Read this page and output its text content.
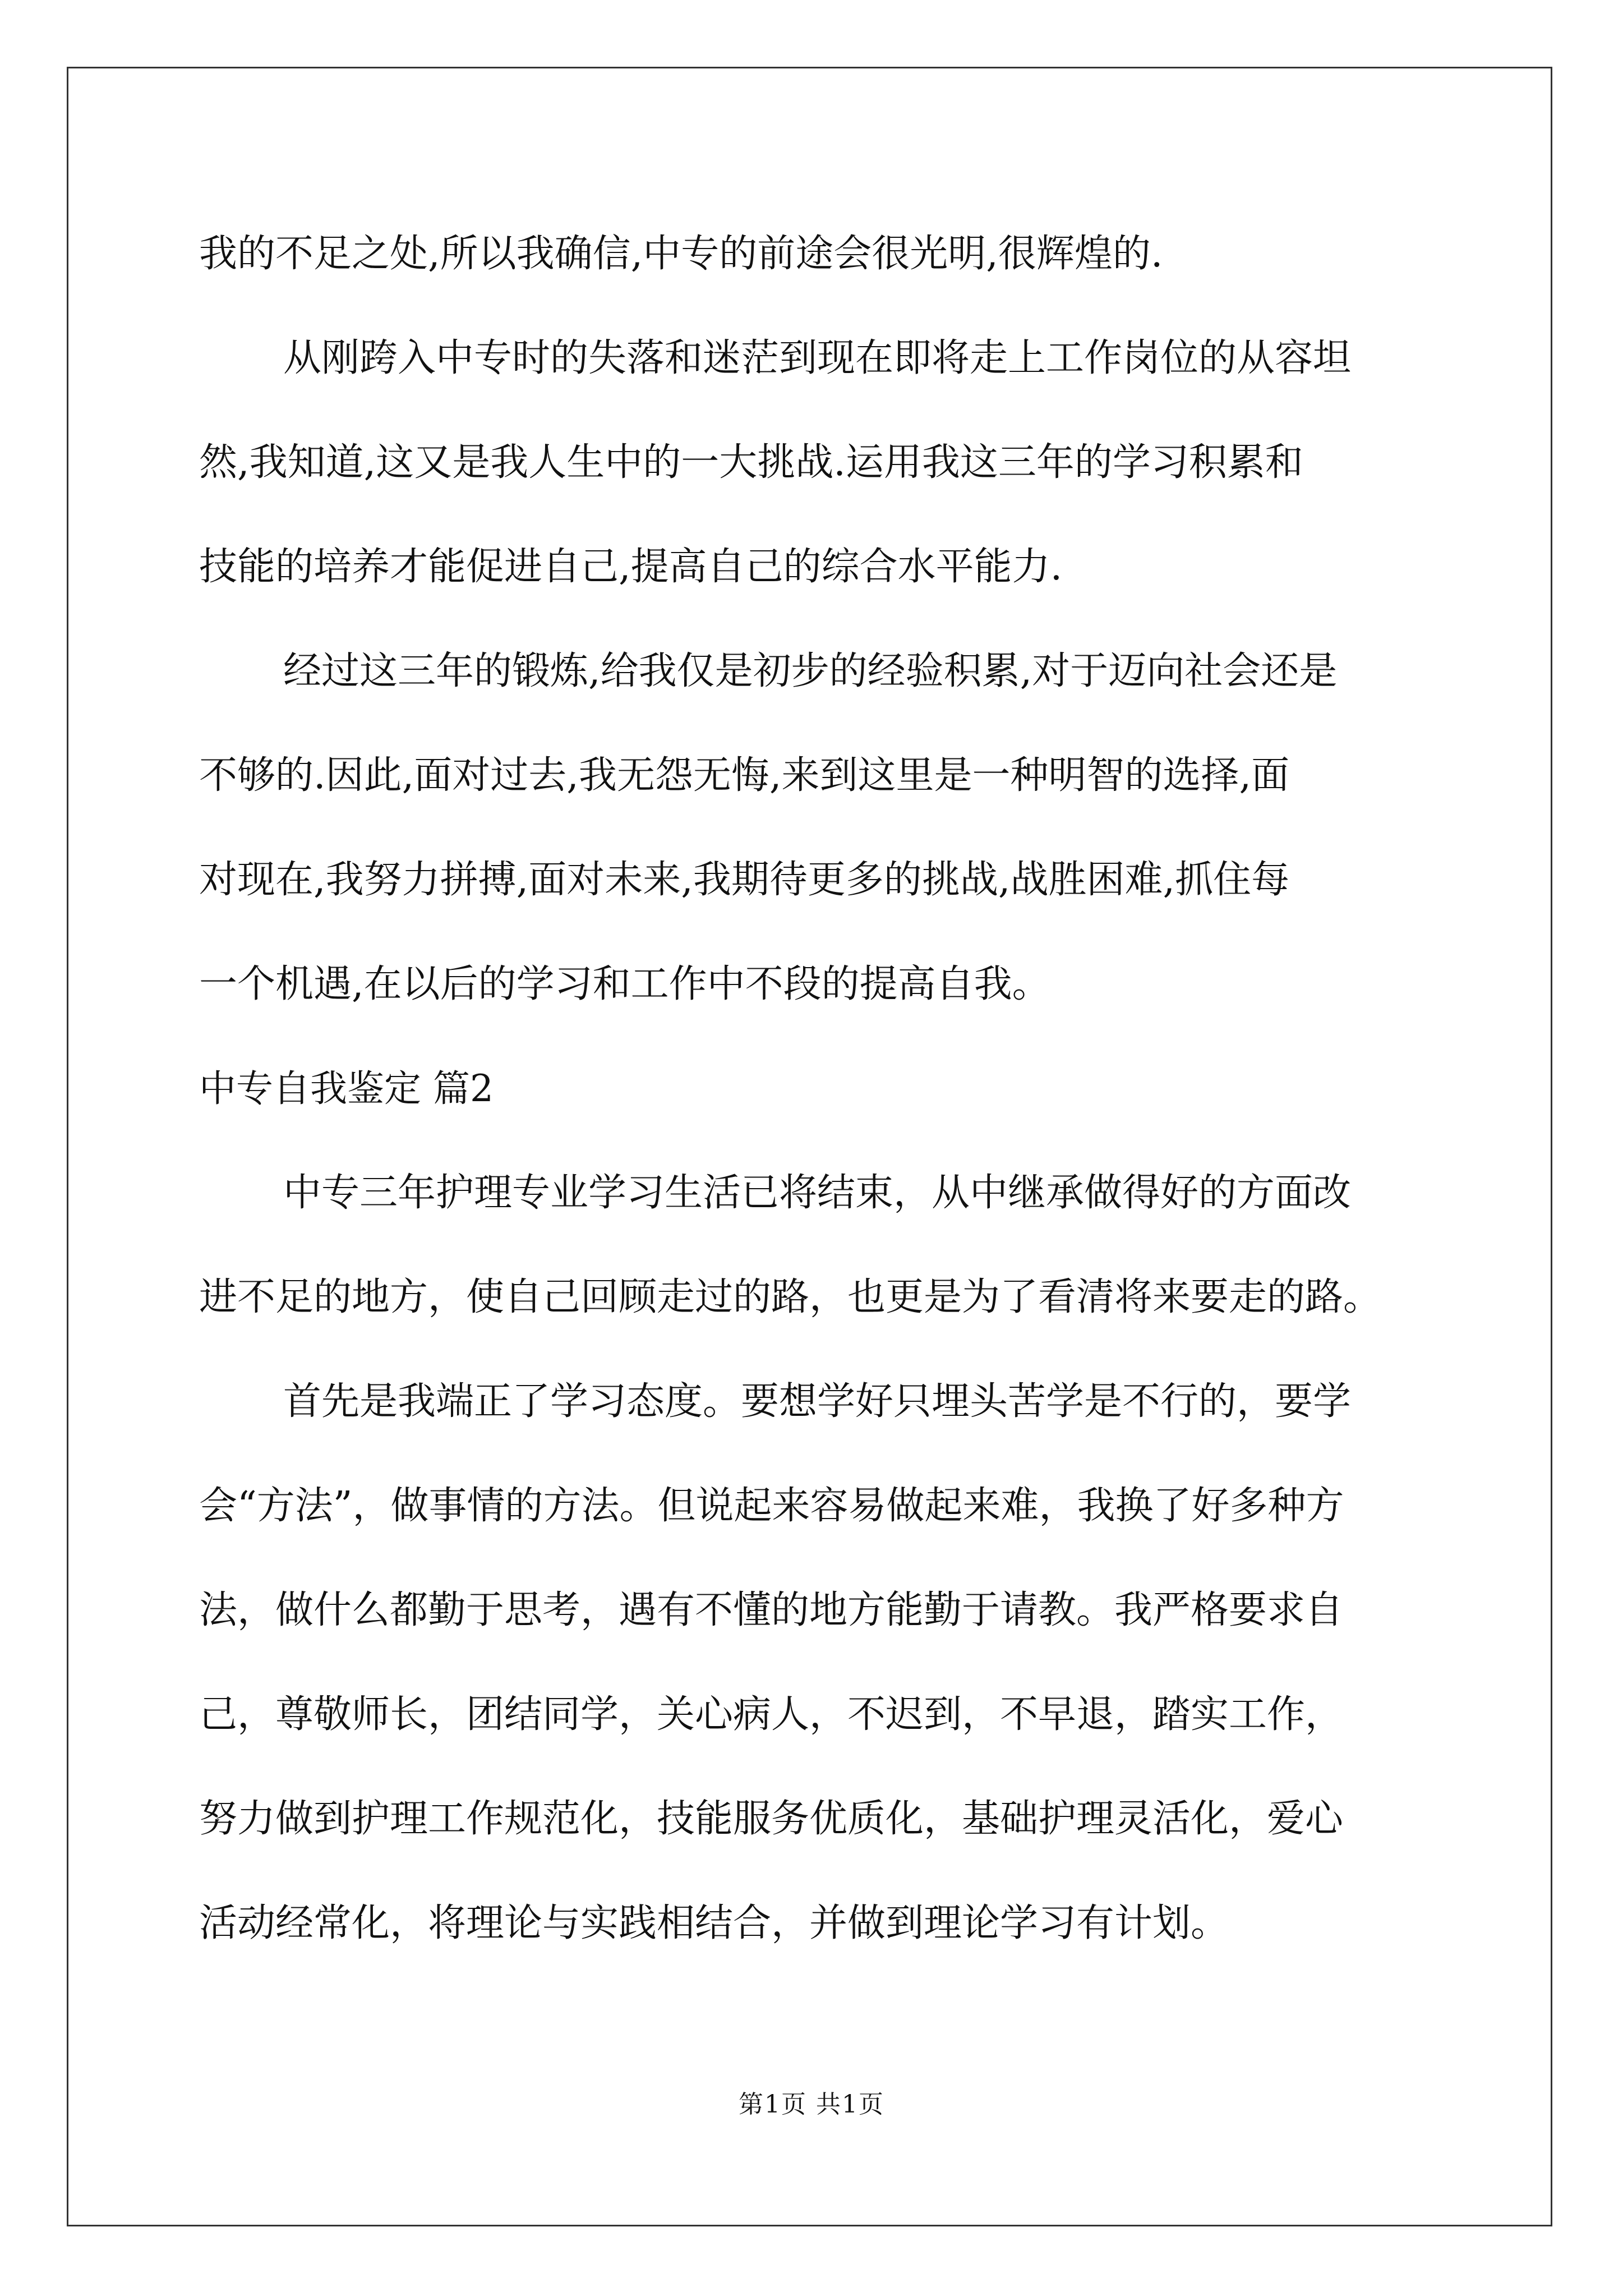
我的不足之处,所以我确信,中专的前途会很光明,很辉煌的.
从刚跨入中专时的失落和迷茫到现在即将走上工作岗位的从容坦
然,我知道,这又是我人生中的一大挑战.运用我这三年的学习积累和
技能的培养才能促进自己,提高自己的综合水平能力.
经过这三年的锻炼,给我仅是初步的经验积累,对于迈向社会还是
不够的.因此,面对过去,我无怨无悔,来到这里是一种明智的选择,面
对现在,我努力拼搏,面对未来,我期待更多的挑战,战胜困难,抓住每
一个机遇,在以后的学习和工作中不段的提高自我。
中专自我鉴定 篇2
中专三年护理专业学习生活已将结束，从中继承做得好的方面改
进不足的地方，使自己回顾走过的路，也更是为了看清将来要走的路。
首先是我端正了学习态度。要想学好只埋头苦学是不行的，要学
会“方法”，做事情的方法。但说起来容易做起来难，我换了好多种方
法，做什么都勤于思考，遇有不懂的地方能勤于请教。我严格要求自
己，尊敬师长，团结同学，关心病人，不迟到，不早退，踏实工作，
努力做到护理工作规范化，技能服务优质化，基础护理灵活化，爱心
活动经常化，将理论与实践相结合，并做到理论学习有计划。
第1页 共1页
